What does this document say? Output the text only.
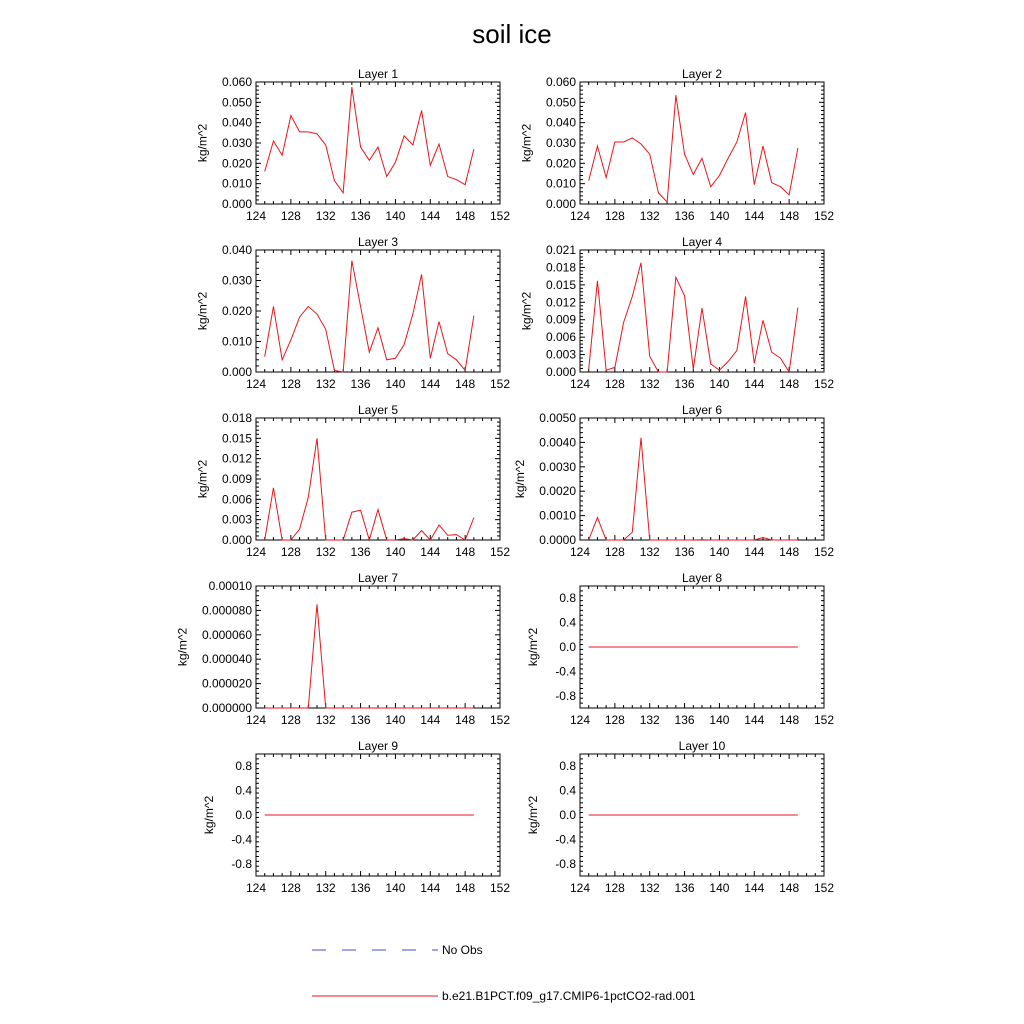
soil ice
Layer 1
124 128 132 136 140 144 148 152
0.000
0.010
0.020
0.030
0.040
0.050
0.060
kg/m^2
Layer 2
124 128 132 136 140 144 148 152
0.000
0.010
0.020
0.030
0.040
0.050
0.060
kg/m^2
Layer 3
124 128 132 136 140 144 148 152
0.000
0.010
0.020
0.030
0.040
kg/m^2
Layer 4
124 128 132 136 140 144 148 152
0.000
0.003
0.006
0.009
0.012
0.015
0.018
0.021
kg/m^2
Layer 5
124 128 132 136 140 144 148 152
0.000
0.003
0.006
0.009
0.012
0.015
0.018
kg/m^2
Layer 6
124 128 132 136 140 144 148 152
0.0000
0.0010
0.0020
0.0030
0.0040
0.0050
kg/m^2
Layer 7
124 128 132 136 140 144 148 152
0.000000
0.000020
0.000040
0.000060
0.000080
0.00010
kg/m^2
Layer 8
124 128 132 136 140 144 148 152
-0.8
-0.4
0.0
0.4
0.8
kg/m^2
Layer 9
124 128 132 136 140 144 148 152
-0.8
-0.4
0.0
0.4
0.8
kg/m^2
Layer 10
124 128 132 136 140 144 148 152
-0.8
-0.4
0.0
0.4
0.8
kg/m^2
No Obs
b.e21.B1PCT.f09_g17.CMIP6-1pctCO2-rad.001
